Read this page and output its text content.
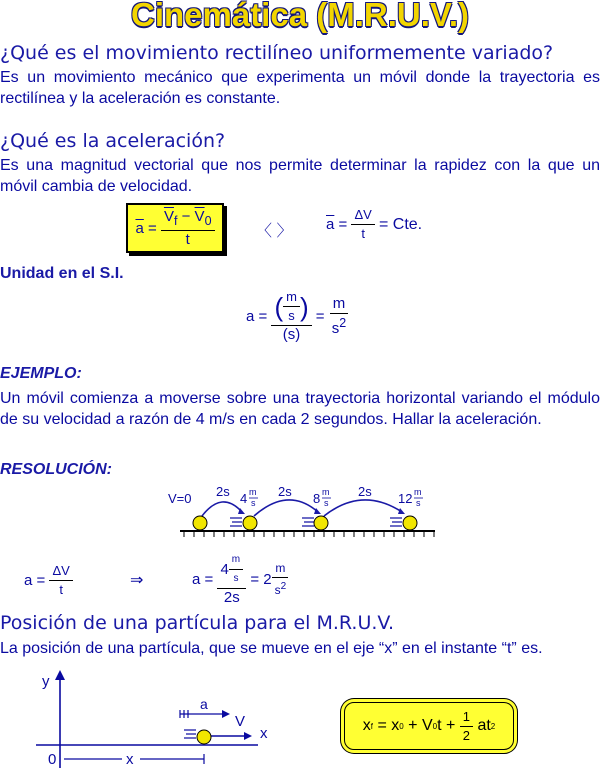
Cinemática (M.R.U.V.)
¿Qué es el movimiento rectilíneo uniformemente variado?
Es un movimiento mecánico que experimenta un móvil donde la trayectoria es rectilínea y la aceleración es constante.
¿Qué es la aceleración?
Es una magnitud vectorial que nos permite determinar la rapidez con la que un móvil cambia de velocidad.
$\overline{a} = \frac{\overline{V}_f - \overline{V}_0}{t}$	〈 〉 $\overline{a} = \frac{\Delta V}{t}$
= Cte.
Unidad en el S.I.
$a = \frac{( \frac{m}{s} )}{(s)} = \frac{m}{s^2}$
EJEMPLO:
Un móvil comienza a moverse sobre una trayectoria horizontal variando el módulo de su velocidad a razón de 4 m/s en cada 2 segundos. Hallar la aceleración.
RESOLUCIÓN:
V=0 2s	2s	2s
4 m
s	8 m
s	12 m
s
a =
$\frac{\Delta V}{t}$	⇒	a =
$\frac{4 \frac{m}{s}}{2s}$
= $2 \frac{m}{s^2}$
Posición de una partícula para el M.R.U.V.
La posición de una partícula, que se mueve en el eje “x” en el instante “t” es.
y
x
0	x
a
V	x f
=
x 0
+
V 0 t
+
$\frac{1}{2}$
at 2
